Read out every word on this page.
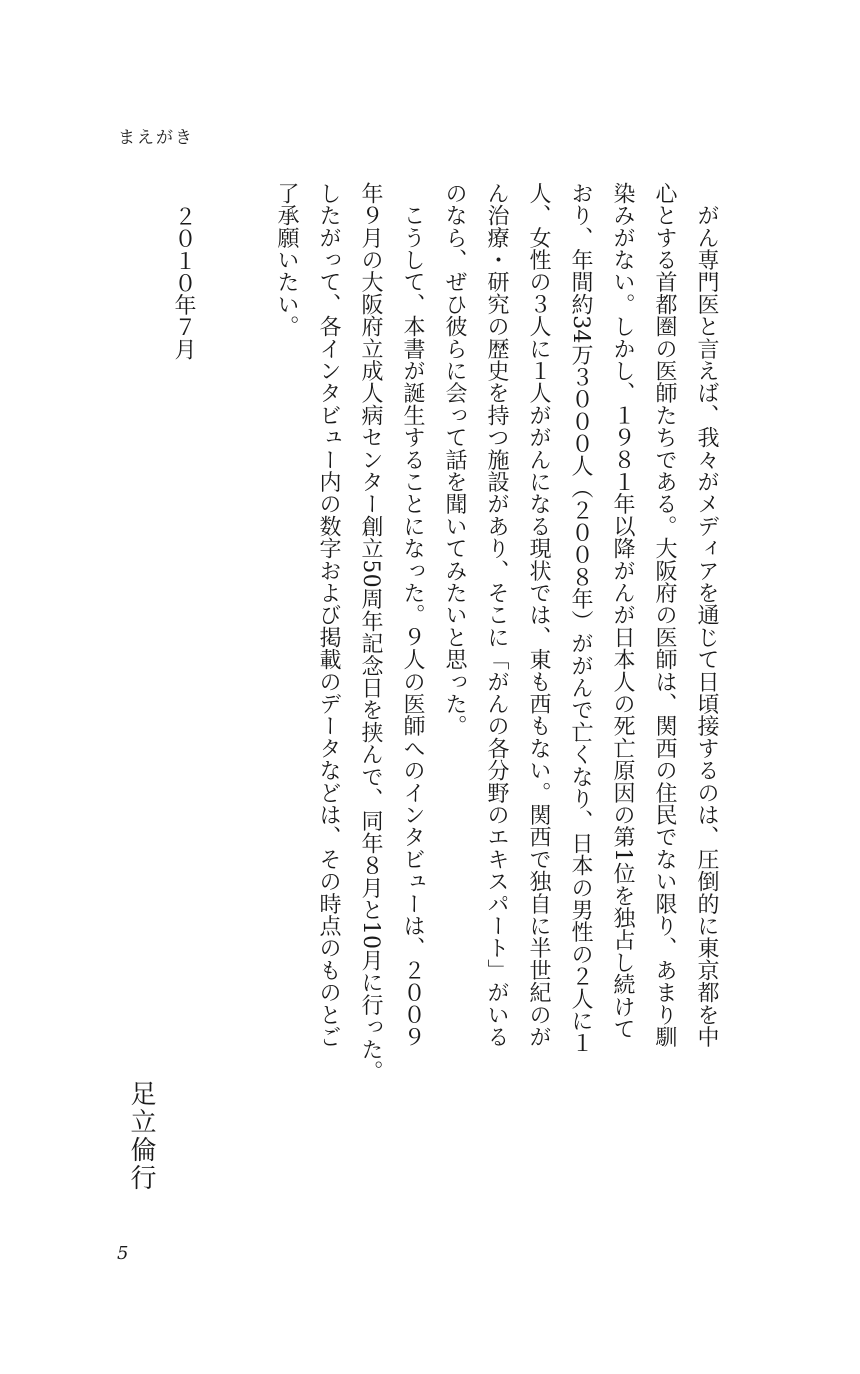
まえがき

　がん専門医と言えば、我々がメディアを通じて日頃接するのは、圧倒的に東京都を中

心とする首都圏の医師たちである。大阪府の医師は、関西の住民でない限り、あまり馴

染みがない。しかし、１９８１年以降がんが日本人の死亡原因の第1位を独占し続けて

おり、年間約34万３０００人（２００８年）ががんで亡くなり、日本の男性の２人に１

人、女性の３人に１人ががんになる現状では、東も西もない。関西で独自に半世紀のが

ん治療・研究の歴史を持つ施設があり、そこに「がんの各分野のエキスパート」がいる

のなら、ぜひ彼らに会って話を聞いてみたいと思った。

　こうして、本書が誕生することになった。９人の医師へのインタビューは、２００９

年９月の大阪府立成人病センター創立50周年記念日を挟んで、同年８月と10月に行った。

したがって、各インタビュー内の数字および掲載のデータなどは、その時点のものとご

了承願いたい。

２０１０年７月
足立倫行
5
